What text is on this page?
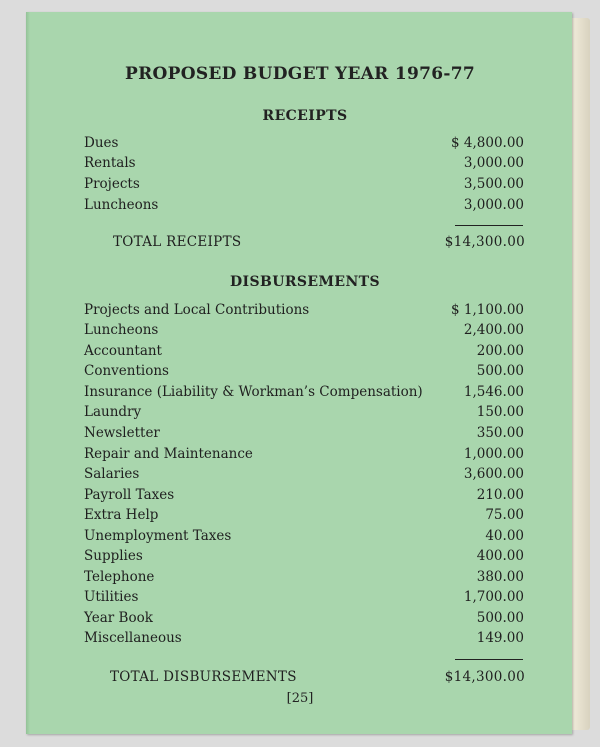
PROPOSED BUDGET YEAR 1976-77
RECEIPTS
Dues	$ 4,800.00
Rentals	3,000.00
Projects	3,500.00
Luncheons	3,000.00
TOTAL RECEIPTS	$14,300.00
DISBURSEMENTS
Projects and Local Contributions	$ 1,100.00
Luncheons	2,400.00
Accountant	200.00
Conventions	500.00
Insurance (Liability & Workman’s Compensation)	1,546.00
Laundry	150.00
Newsletter	350.00
Repair and Maintenance	1,000.00
Salaries	3,600.00
Payroll Taxes	210.00
Extra Help	75.00
Unemployment Taxes	40.00
Supplies	400.00
Telephone	380.00
Utilities	1,700.00
Year Book	500.00
Miscellaneous	149.00
TOTAL DISBURSEMENTS	$14,300.00
[25]
